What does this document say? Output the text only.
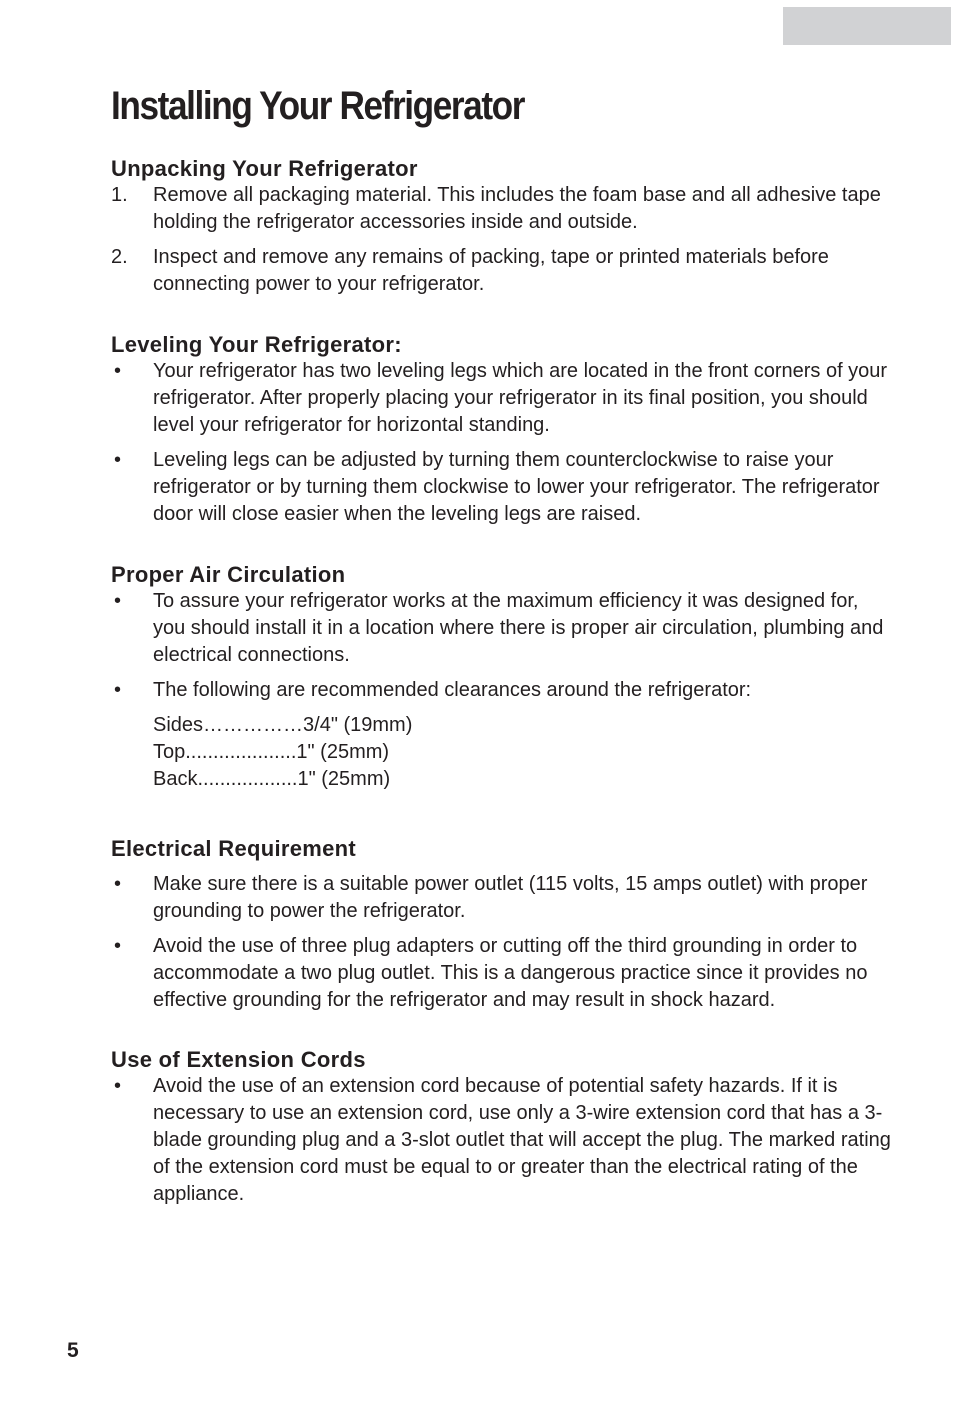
Installing Your Refrigerator
Unpacking Your Refrigerator
1. Remove all packaging material. This includes the foam base and all adhesive tape holding the refrigerator accessories inside and outside.
2. Inspect and remove any remains of packing, tape or printed materials before connecting power to your refrigerator.
Leveling Your Refrigerator:
• Your refrigerator has two leveling legs which are located in the front corners of your refrigerator. After properly placing your refrigerator in its final position, you should level your refrigerator for horizontal standing.
• Leveling legs can be adjusted by turning them counterclockwise to raise your refrigerator or by turning them clockwise to lower your refrigerator. The refrigerator door will close easier when the leveling legs are raised.
Proper Air Circulation
• To assure your refrigerator works at the maximum efficiency it was designed for, you should install it in a location where there is proper air circulation, plumbing and electrical connections.
• The following are recommended clearances around the refrigerator:
Sides……………3/4" (19mm)
Top....................1" (25mm)
Back..................1" (25mm)
Electrical Requirement
• Make sure there is a suitable power outlet (115 volts, 15 amps outlet) with proper grounding to power the refrigerator.
• Avoid the use of three plug adapters or cutting off the third grounding in order to accommodate a two plug outlet. This is a dangerous practice since it provides no effective grounding for the refrigerator and may result in shock hazard.
Use of Extension Cords
• Avoid the use of an extension cord because of potential safety hazards. If it is necessary to use an extension cord, use only a 3-wire extension cord that has a 3-blade grounding plug and a 3-slot outlet that will accept the plug. The marked rating of the extension cord must be equal to or greater than the electrical rating of the appliance.
5
